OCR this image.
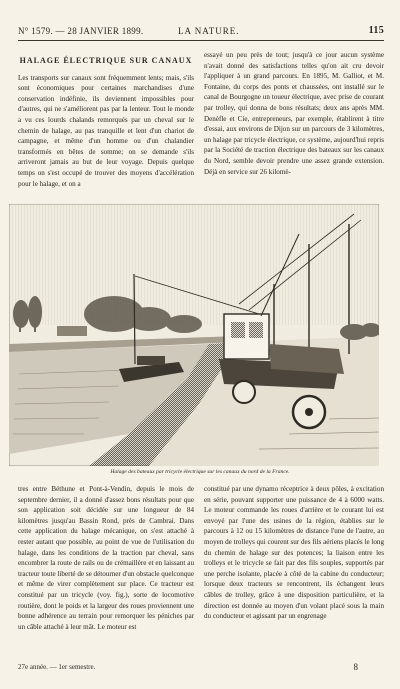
N° 1579. — 28 JANVIER 1899.	LA NATURE.	115
HALAGE ÉLECTRIQUE SUR CANAUX
Les transports sur canaux sont fréquemment lents; mais, s'ils sont économiques pour certaines marchandises d'une conservation indéfinie, ils deviennent impossibles pour d'autres, qui ne s'améliorent pas par la lenteur. Tout le monde a vu ces lourds chalands remorqués par un cheval sur le chemin de halage, au pas tranquille et lent d'un chariot de campagne, et même d'un homme ou d'un chalandier transformés en bêtes de somme; on se demande s'ils arriveront jamais au but de leur voyage. Depuis quelque temps on s'est occupé de trouver des moyens d'accélération pour le halage, et on a
essayé un peu près de tout; jusqu'à ce jour aucun système n'avait donné des satisfactions telles qu'on ait cru devoir l'appliquer à un grand parcours. En 1895, M. Galliot, et M. Fontaine, du corps des ponts et chaussées, ont installé sur le canal de Bourgogne un toueur électrique, avec prise de courant par trolley, qui donna de bons résultats; deux ans après MM. Denèfle et Cie, entrepreneurs, par exemple, établirent à titre d'essai, aux environs de Dijon sur un parcours de 3 kilomètres, un halage par tricycle électrique, ce système, aujourd'hui repris par la Société de traction électrique des bateaux sur les canaux du Nord, semble devoir prendre une assez grande extension. Déjà en service sur 26 kilomè-
Halage des bateaux par tricycle électrique sur les canaux du nord de la France.
tres entre Béthune et Pont-à-Vendin, depuis le mois de septembre dernier, il a donné d'assez bons résultats pour que son application soit décidée sur une longueur de 84 kilomètres jusqu'au Bassin Rond, près de Cambrai. Dans cette application du halage mécanique, on s'est attaché à rester autant que possible, au point de vue de l'utilisation du halage, dans les conditions de la traction par cheval, sans encombrer la route de rails ou de crémaillère et en laissant au tracteur toute liberté de se détourner d'un obstacle quelconque et même de virer complètement sur place. Ce tracteur est constitué par un tricycle (voy. fig.), sorte de locomotive routière, dont le poids et la largeur des roues proviennent une bonne adhérence au terrain pour remorquer les péniches par un câble attaché à leur mât. Le moteur est
constitué par une dynamo réceptrice à deux pôles, à excitation en série, pouvant supporter une puissance de 4 à 6000 watts. Le moteur commande les roues d'arrière et le courant lui est envoyé par l'une des usines de la région, établies sur le parcours à 12 ou 15 kilomètres de distance l'une de l'autre, au moyen de trolleys qui courent sur des fils aériens placés le long du chemin de halage sur des potences; la liaison entre les trolleys et le tricycle se fait par des fils souples, supportés par une perche isolante, placée à côté de la cabine du conducteur; lorsque deux tracteurs se rencontrent, ils échangent leurs câbles de trolley, grâce à une disposition particulière, et la direction est donnée au moyen d'un volant placé sous la main du conducteur et agissant par un engrenage
27e année. — 1er semestre.	8
